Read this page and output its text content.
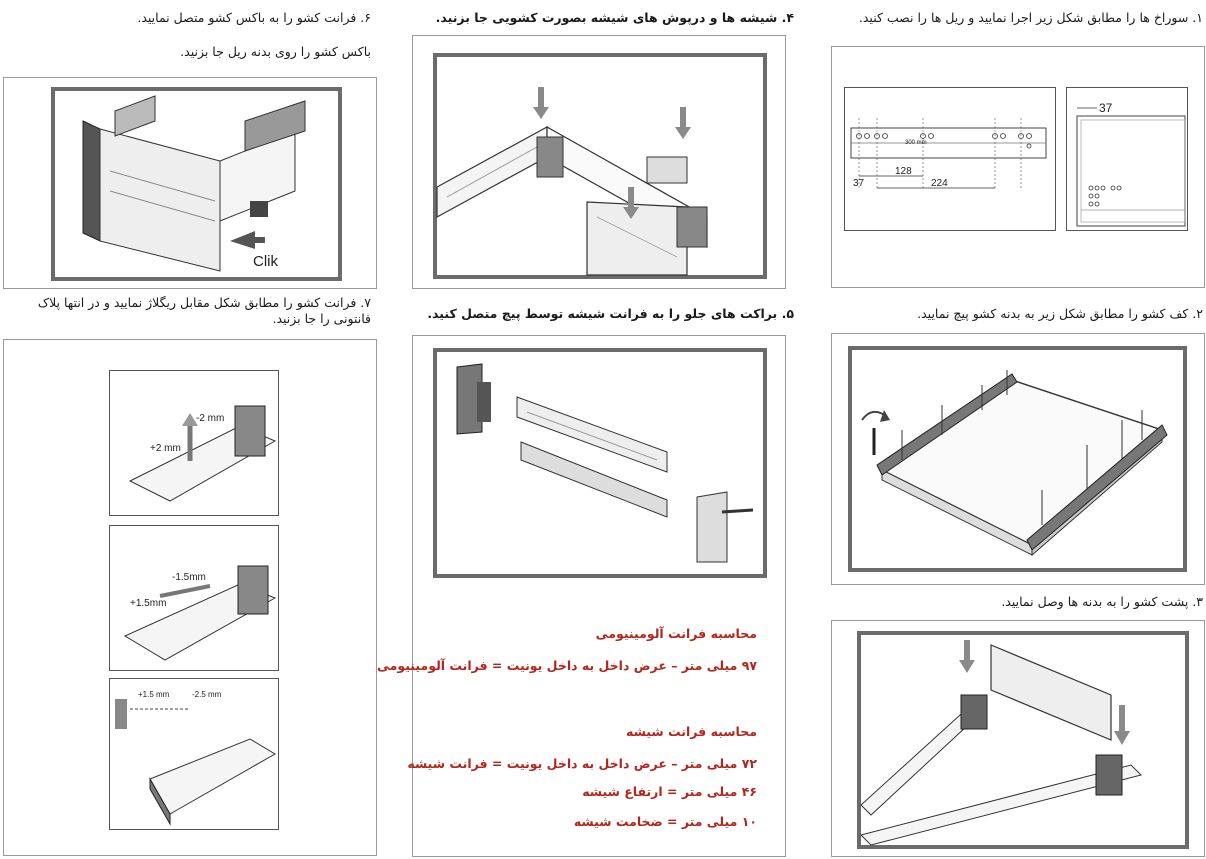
۱. سوراخ ها را مطابق شکل زیر اجرا نمایید و ریل ها را نصب کنید.
۴. شیشه ها و درپوش های شیشه بصورت کشویی جا بزنید.
۶. فرانت کشو را به باکس کشو متصل نمایید.
باکس کشو را روی بدنه ریل جا بزنید.
300 mm
37
128
224
37
Clik
۲. کف کشو را مطابق شکل زیر به بدنه کشو پیچ نمایید.
۵. براکت های جلو را به فرانت شیشه توسط پیچ متصل کنید.
۷. فرانت کشو را مطابق شکل مقابل ریگلاژ نمایید و در انتها پلاک
فانتونی را جا بزنید.
محاسبه فرانت آلومینیومی
۹۷ میلی متر – عرض داخل به داخل یونیت = فرانت آلومینیومی
محاسبه فرانت شیشه
۷۲ میلی متر – عرض داخل به داخل یونیت = فرانت شیشه
۴۶ میلی متر = ارتفاع شیشه
۱۰ میلی متر = ضخامت شیشه
+2 mm
-2 mm
+1.5mm
-1.5mm
+1.5 mm	-2.5 mm
۳. پشت کشو را به بدنه ها وصل نمایید.
